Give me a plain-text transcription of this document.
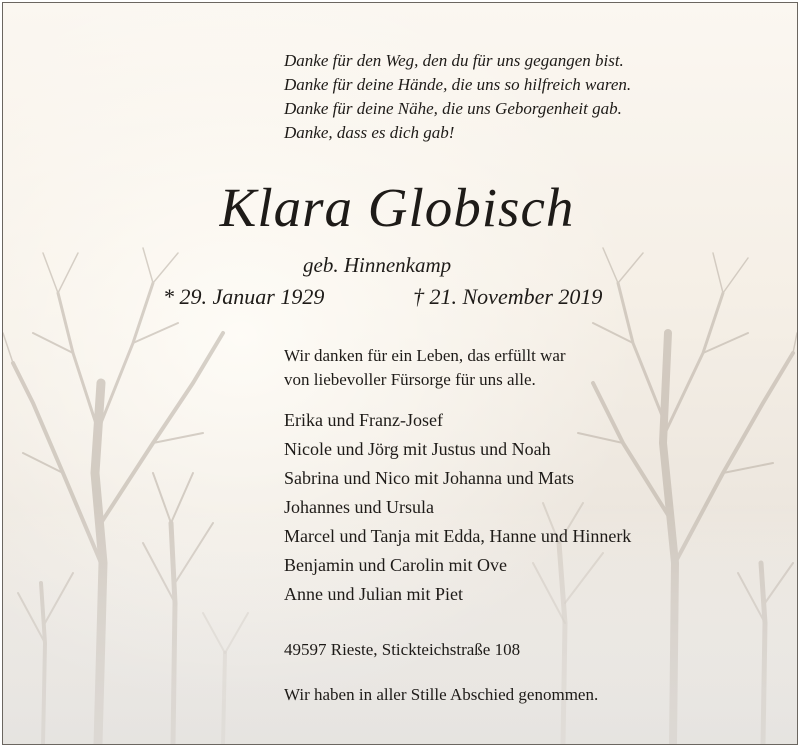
Danke für den Weg, den du für uns gegangen bist.
Danke für deine Hände, die uns so hilfreich waren.
Danke für deine Nähe, die uns Geborgenheit gab.
Danke, dass es dich gab!
Klara Globisch
geb. Hinnenkamp
* 29. Januar 1929	† 21. November 2019
Wir danken für ein Leben, das erfüllt war
von liebevoller Fürsorge für uns alle.
Erika und Franz-Josef
Nicole und Jörg mit Justus und Noah
Sabrina und Nico mit Johanna und Mats
Johannes und Ursula
Marcel und Tanja mit Edda, Hanne und Hinnerk
Benjamin und Carolin mit Ove
Anne und Julian mit Piet
49597 Rieste, Stickteichstraße 108
Wir haben in aller Stille Abschied genommen.
